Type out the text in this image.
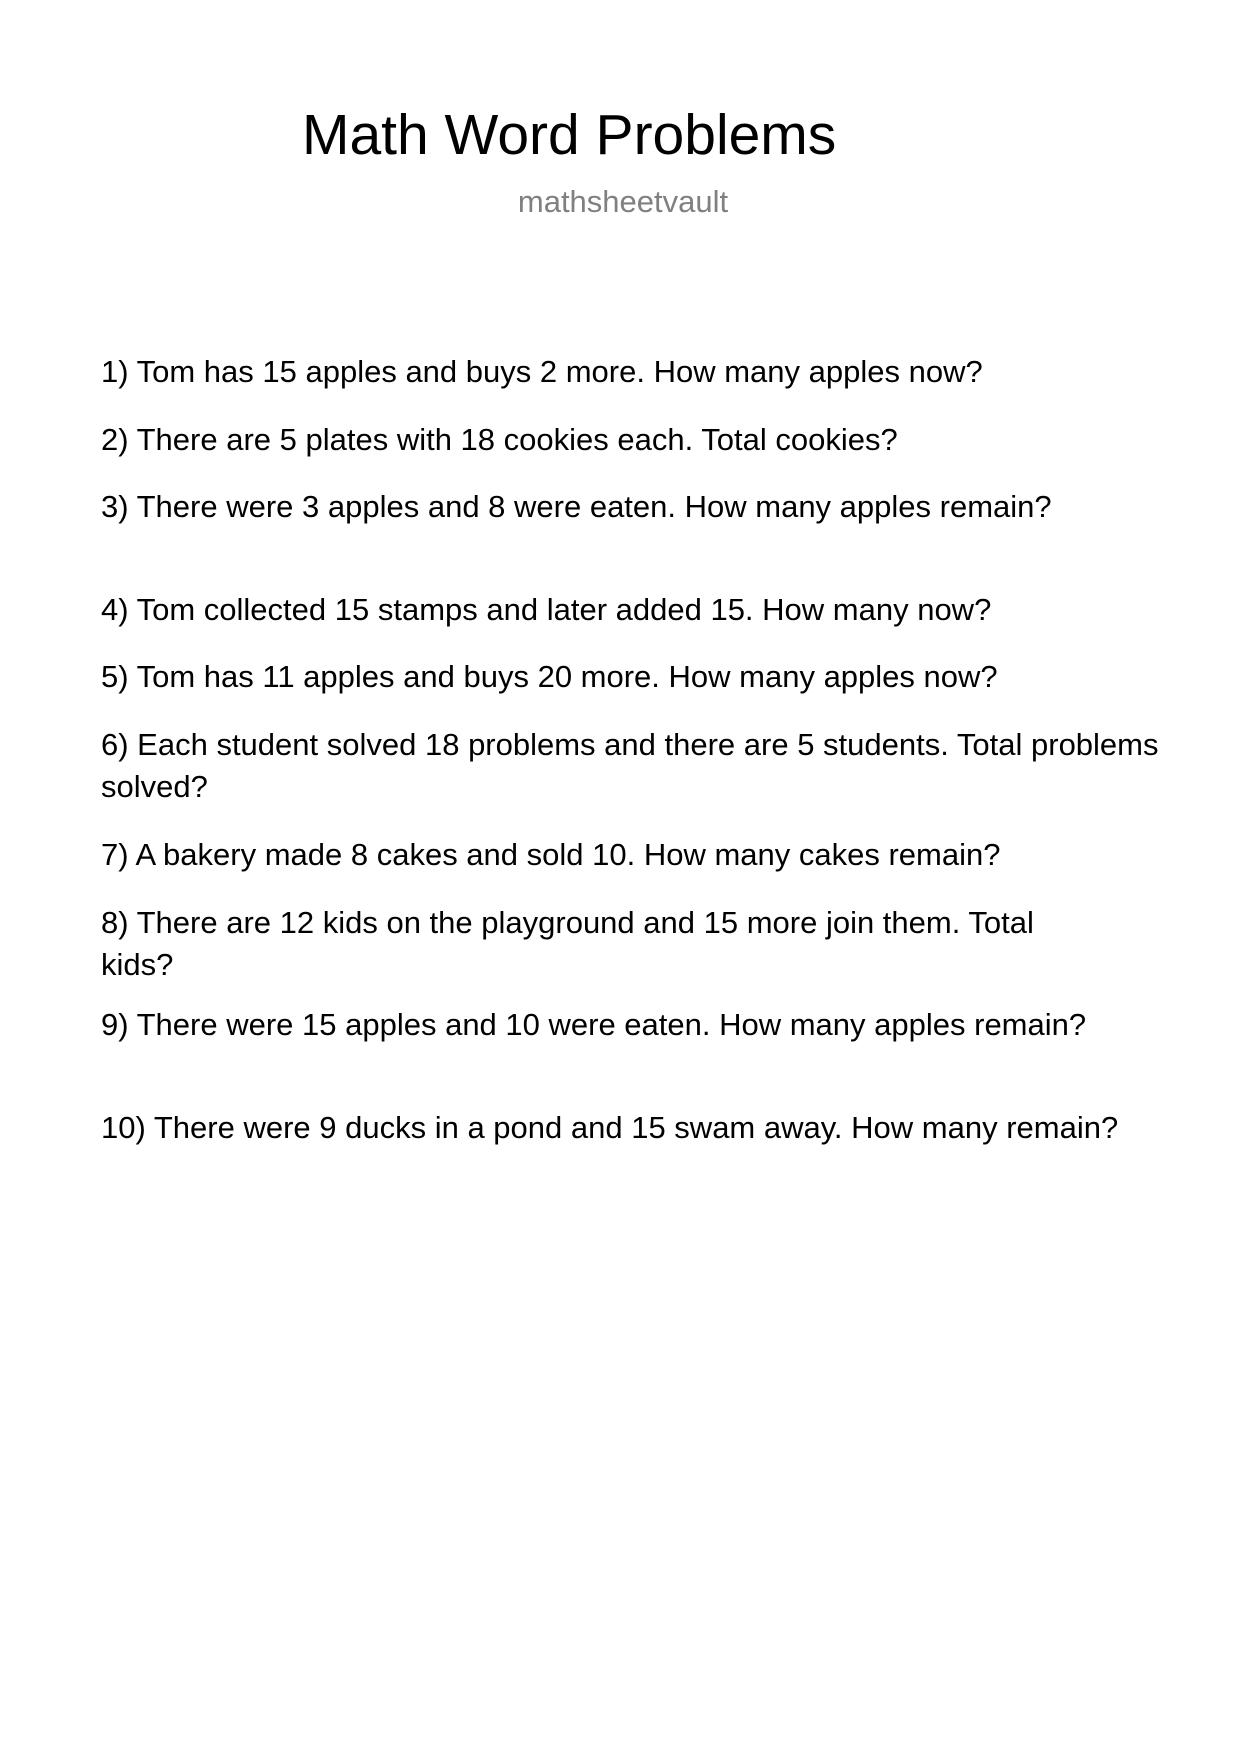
Math Word Problems
mathsheetvault
1) Tom has 15 apples and buys 2 more. How many apples now?
2) There are 5 plates with 18 cookies each. Total cookies?
3) There were 3 apples and 8 were eaten. How many apples remain?
4) Tom collected 15 stamps and later added 15. How many now?
5) Tom has 11 apples and buys 20 more. How many apples now?
6) Each student solved 18 problems and there are 5 students. Total problems solved?
7) A bakery made 8 cakes and sold 10. How many cakes remain?
8) There are 12 kids on the playground and 15 more join them. Total kids?
9) There were 15 apples and 10 were eaten. How many apples remain?
10) There were 9 ducks in a pond and 15 swam away. How many remain?
